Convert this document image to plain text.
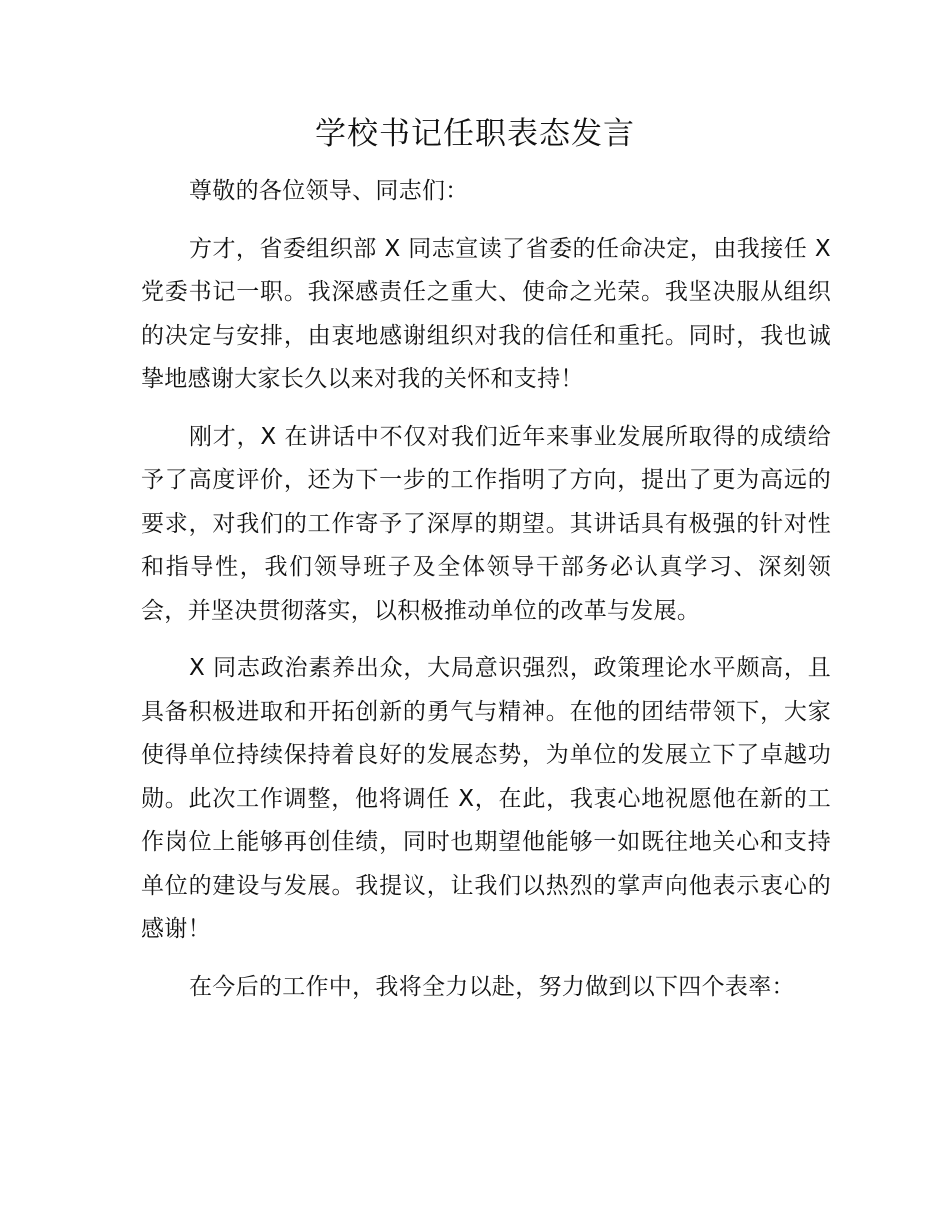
学校书记任职表态发言

尊敬的各位领导、同志们：

方才，省委组织部 X 同志宣读了省委的任命决定，由我接任 X 党委书记一职。我深感责任之重大、使命之光荣。我坚决服从组织的决定与安排，由衷地感谢组织对我的信任和重托。同时，我也诚挚地感谢大家长久以来对我的关怀和支持！

刚才，X 在讲话中不仅对我们近年来事业发展所取得的成绩给予了高度评价，还为下一步的工作指明了方向，提出了更为高远的要求，对我们的工作寄予了深厚的期望。其讲话具有极强的针对性和指导性，我们领导班子及全体领导干部务必认真学习、深刻领会，并坚决贯彻落实，以积极推动单位的改革与发展。

X 同志政治素养出众，大局意识强烈，政策理论水平颇高，且具备积极进取和开拓创新的勇气与精神。在他的团结带领下，大家使得单位持续保持着良好的发展态势，为单位的发展立下了卓越功勋。此次工作调整，他将调任 X，在此，我衷心地祝愿他在新的工作岗位上能够再创佳绩，同时也期望他能够一如既往地关心和支持单位的建设与发展。我提议，让我们以热烈的掌声向他表示衷心的感谢！

在今后的工作中，我将全力以赴，努力做到以下四个表率：
